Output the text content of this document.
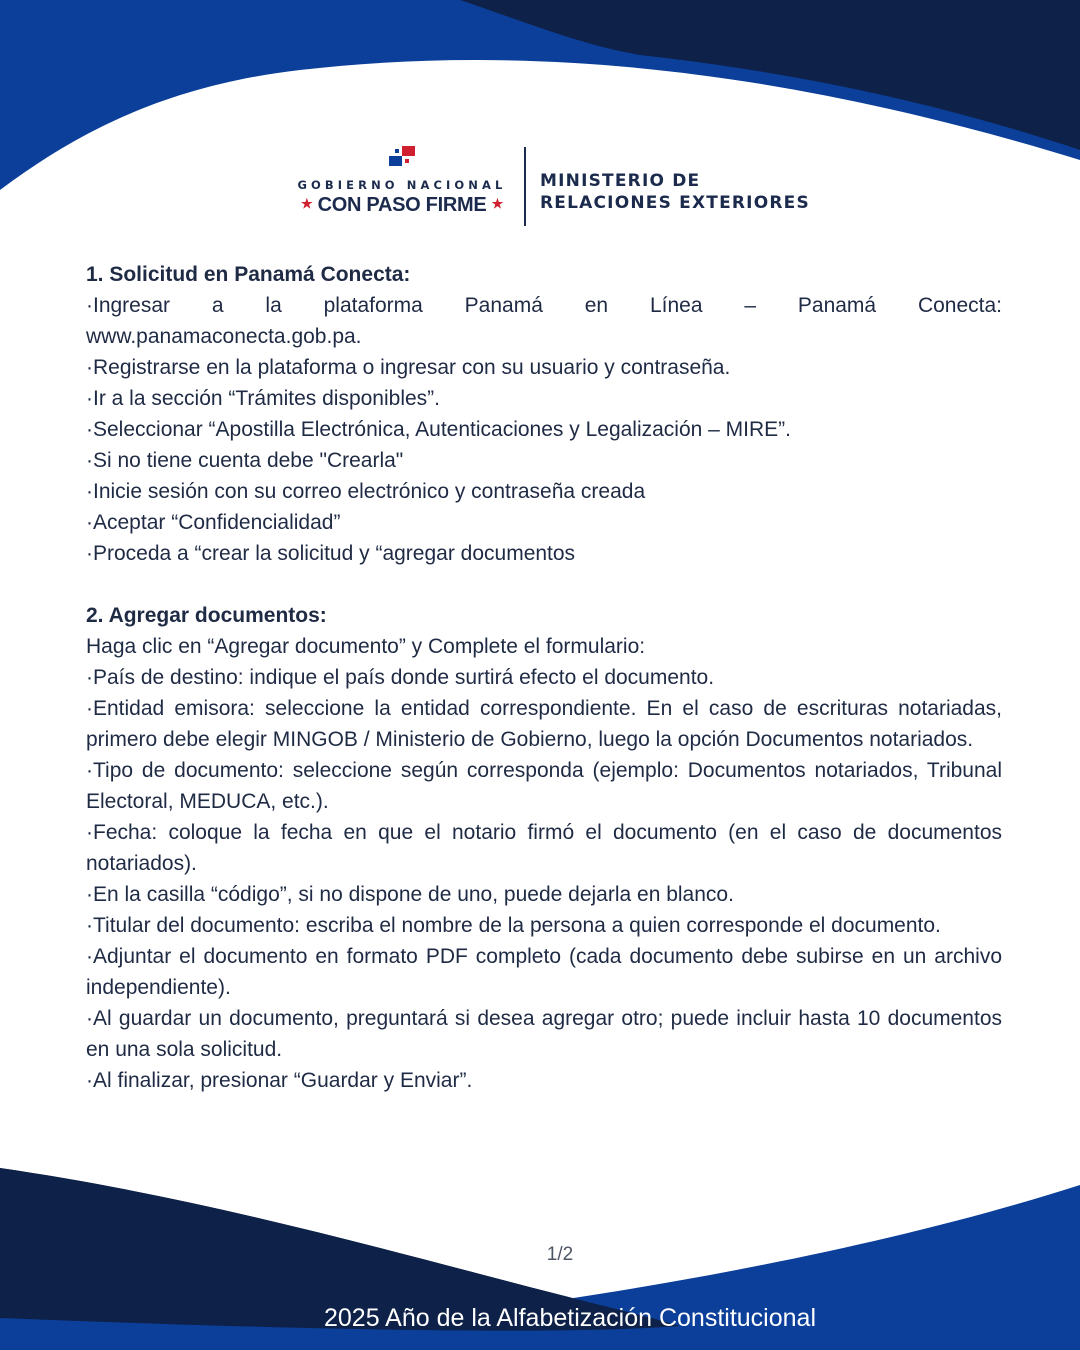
GOBIERNO NACIONAL
★ CON PASO FIRME ★
MINISTERIO DE
RELACIONES EXTERIORES
1. Solicitud en Panamá Conecta:
·Ingresar a la plataforma Panamá en Línea – Panamá Conecta:
www.panamaconecta.gob.pa.
·Registrarse en la plataforma o ingresar con su usuario y contraseña.
·Ir a la sección “Trámites disponibles”.
·Seleccionar “Apostilla Electrónica, Autenticaciones y Legalización – MIRE”.
·Si no tiene cuenta debe "Crearla"
·Inicie sesión con su correo electrónico y contraseña creada
·Aceptar “Confidencialidad”
·Proceda a “crear la solicitud y “agregar documentos
2. Agregar documentos:
Haga clic en “Agregar documento” y Complete el formulario:
·País de destino: indique el país donde surtirá efecto el documento.
·Entidad emisora: seleccione la entidad correspondiente. En el caso de escrituras notariadas, primero debe elegir MINGOB / Ministerio de Gobierno, luego la opción Documentos notariados.
·Tipo de documento: seleccione según corresponda (ejemplo: Documentos notariados, Tribunal Electoral, MEDUCA, etc.).
·Fecha: coloque la fecha en que el notario firmó el documento (en el caso de documentos notariados).
·En la casilla “código”, si no dispone de uno, puede dejarla en blanco.
·Titular del documento: escriba el nombre de la persona a quien corresponde el documento.
·Adjuntar el documento en formato PDF completo (cada documento debe subirse en un archivo independiente).
·Al guardar un documento, preguntará si desea agregar otro; puede incluir hasta 10 documentos en una sola solicitud.
·Al finalizar, presionar “Guardar y Enviar”.
1/2
2025 Año de la Alfabetización Constitucional
